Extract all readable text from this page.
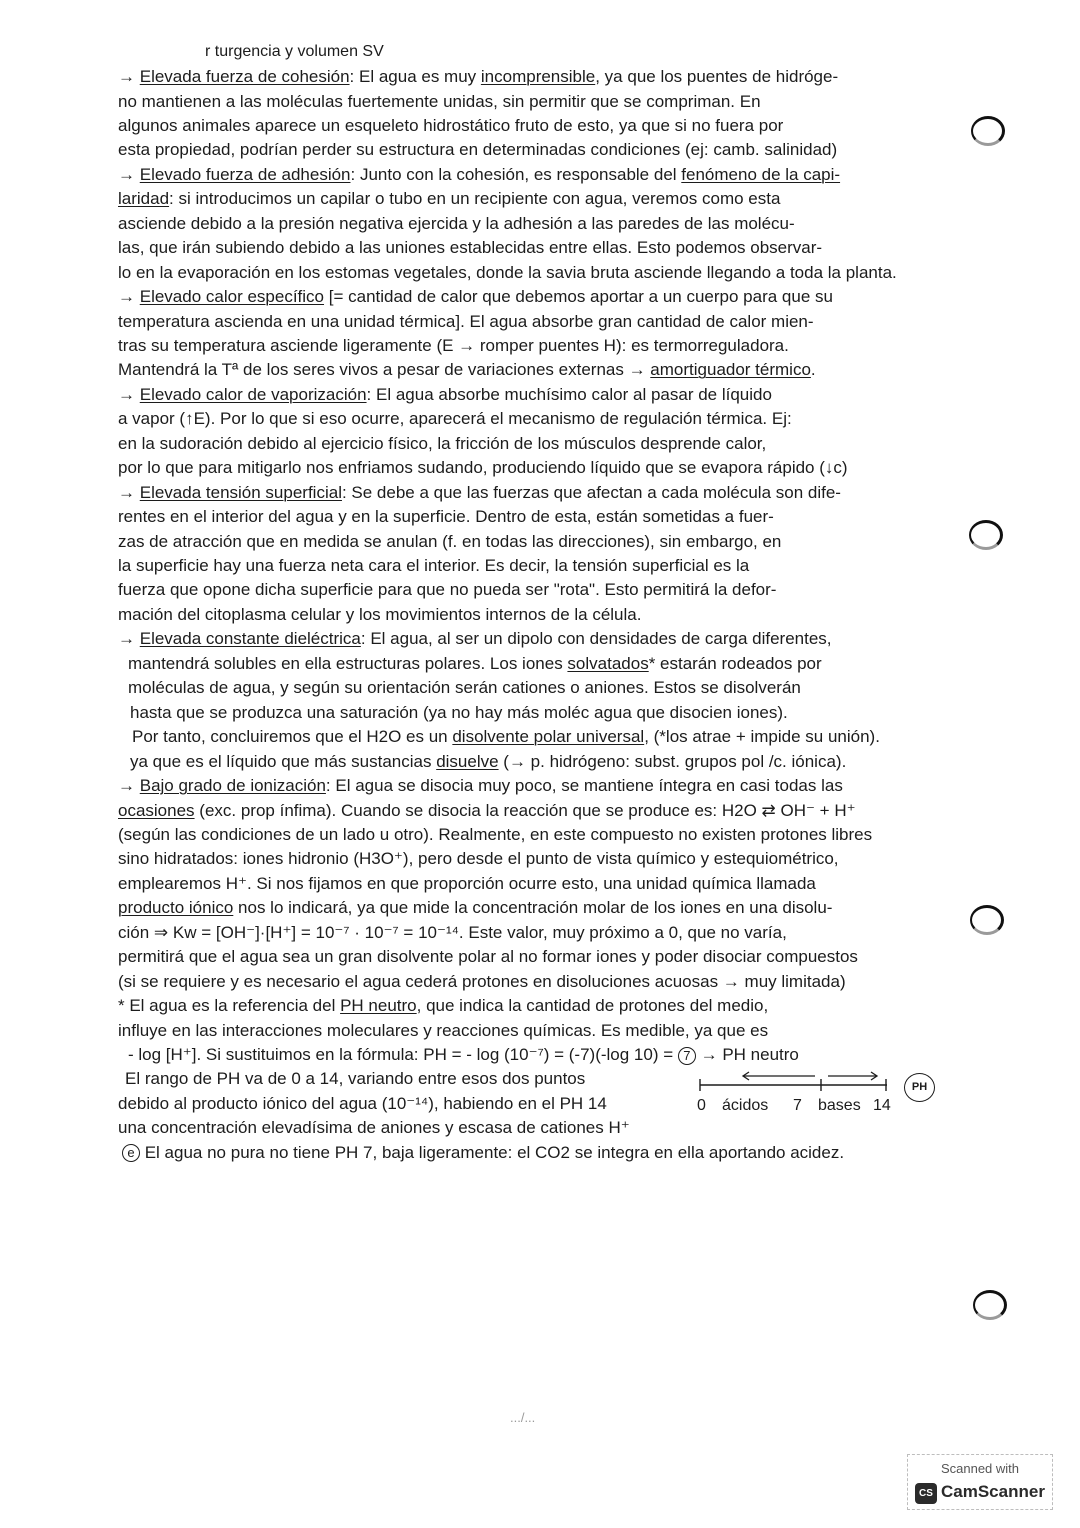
r turgencia y volumen SV
→ Elevada fuerza de cohesión: El agua es muy incomprensible, ya que los puentes de hidróge-
no mantienen a las moléculas fuertemente unidas, sin permitir que se compriman. En
algunos animales aparece un esqueleto hidrostático fruto de esto, ya que si no fuera por
esta propiedad, podrían perder su estructura en determinadas condiciones (ej: camb. salinidad)
→ Elevado fuerza de adhesión: Junto con la cohesión, es responsable del fenómeno de la capi-
laridad: si introducimos un capilar o tubo en un recipiente con agua, veremos como esta
asciende debido a la presión negativa ejercida y la adhesión a las paredes de las molécu-
las, que irán subiendo debido a las uniones establecidas entre ellas. Esto podemos observar-
lo en la evaporación en los estomas vegetales, donde la savia bruta asciende llegando a toda la planta.
→ Elevado calor específico [= cantidad de calor que debemos aportar a un cuerpo para que su
temperatura ascienda en una unidad térmica]. El agua absorbe gran cantidad de calor mien-
tras su temperatura asciende ligeramente (E → romper puentes H): es termorreguladora.
Mantendrá la Tª de los seres vivos a pesar de variaciones externas → amortiguador térmico.
→ Elevado calor de vaporización: El agua absorbe muchísimo calor al pasar de líquido
a vapor (↑E). Por lo que si eso ocurre, aparecerá el mecanismo de regulación térmica. Ej:
en la sudoración debido al ejercicio físico, la fricción de los músculos desprende calor,
por lo que para mitigarlo nos enfriamos sudando, produciendo líquido que se evapora rápido (↓c)
→ Elevada tensión superficial: Se debe a que las fuerzas que afectan a cada molécula son dife-
rentes en el interior del agua y en la superficie. Dentro de esta, están sometidas a fuer-
zas de atracción que en medida se anulan (f. en todas las direcciones), sin embargo, en
la superficie hay una fuerza neta cara el interior. Es decir, la tensión superficial es la
fuerza que opone dicha superficie para que no pueda ser "rota". Esto permitirá la defor-
mación del citoplasma celular y los movimientos internos de la célula.
→ Elevada constante dieléctrica: El agua, al ser un dipolo con densidades de carga diferentes,
mantendrá solubles en ella estructuras polares. Los iones solvatados* estarán rodeados por
moléculas de agua, y según su orientación serán cationes o aniones. Estos se disolverán
hasta que se produzca una saturación (ya no hay más moléc agua que disocien iones).
Por tanto, concluiremos que el H2O es un disolvente polar universal, (*los atrae + impide su unión).
ya que es el líquido que más sustancias disuelve (→ p. hidrógeno: subst. grupos pol /c. iónica).
→ Bajo grado de ionización: El agua se disocia muy poco, se mantiene íntegra en casi todas las
ocasiones (exc. prop ínfima). Cuando se disocia la reacción que se produce es: H2O ⇄ OH⁻ + H⁺
(según las condiciones de un lado u otro). Realmente, en este compuesto no existen protones libres
sino hidratados: iones hidronio (H3O⁺), pero desde el punto de vista químico y estequiométrico,
emplearemos H⁺. Si nos fijamos en que proporción ocurre esto, una unidad química llamada
producto iónico nos lo indicará, ya que mide la concentración molar de los iones en una disolu-
ción ⇒ Kw = [OH⁻]·[H⁺] = 10⁻⁷ · 10⁻⁷ = 10⁻¹⁴. Este valor, muy próximo a 0, que no varía,
permitirá que el agua sea un gran disolvente polar al no formar iones y poder disociar compuestos
(si se requiere y es necesario el agua cederá protones en disoluciones acuosas → muy limitada)
* El agua es la referencia del PH neutro, que indica la cantidad de protones del medio,
influye en las interacciones moleculares y reacciones químicas. Es medible, ya que es
- log [H⁺]. Si sustituimos en la fórmula: PH = - log (10⁻⁷) = (-7)(-log 10) = 7 → PH neutro
El rango de PH va de 0 a 14, variando entre esos dos puntos
debido al producto iónico del agua (10⁻¹⁴), habiendo en el PH 14
una concentración elevadísima de aniones y escasa de cationes H⁺
e El agua no pura no tiene PH 7, baja ligeramente: el CO2 se integra en ella aportando acidez.
0 ácidos 7 bases 14
PH
.../...
Scanned with
CS CamScanner
